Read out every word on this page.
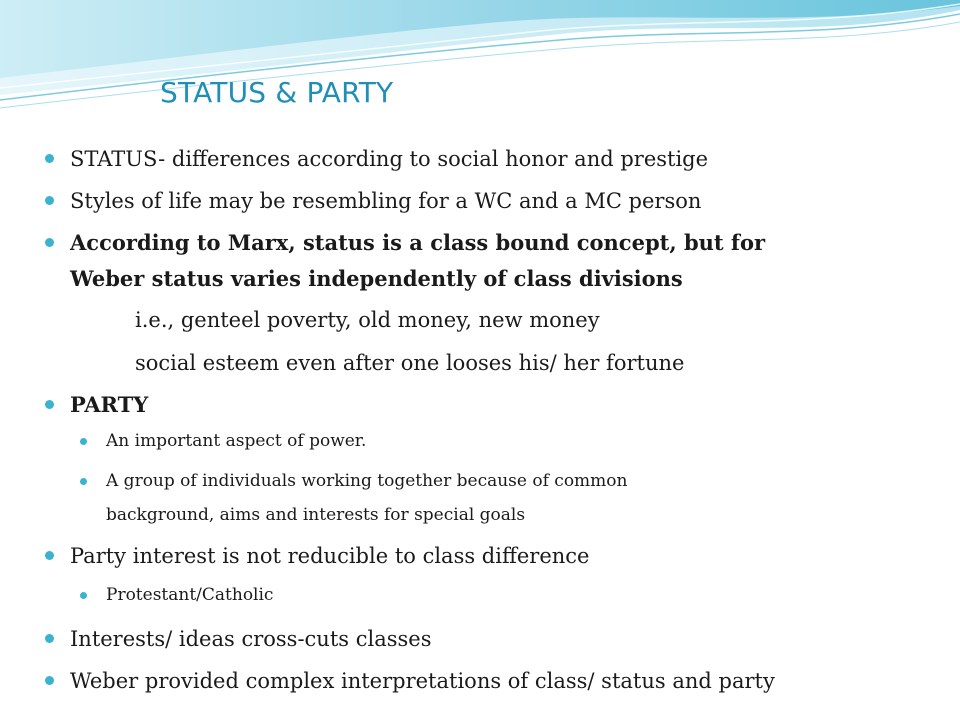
STATUS & PARTY
STATUS- differences according to social honor and prestige
Styles of life may be resembling for a WC and a MC person
According to Marx, status is a class bound concept, but for
Weber status varies independently of class divisions
i.e., genteel poverty, old money, new money
social esteem even after one looses his/ her fortune
PARTY
An important aspect of power.
A group of individuals working together because of common
background, aims and interests for special goals
Party interest is not reducible to class difference
Protestant/Catholic
Interests/ ideas cross-cuts classes
Weber provided complex interpretations of class/ status and party
